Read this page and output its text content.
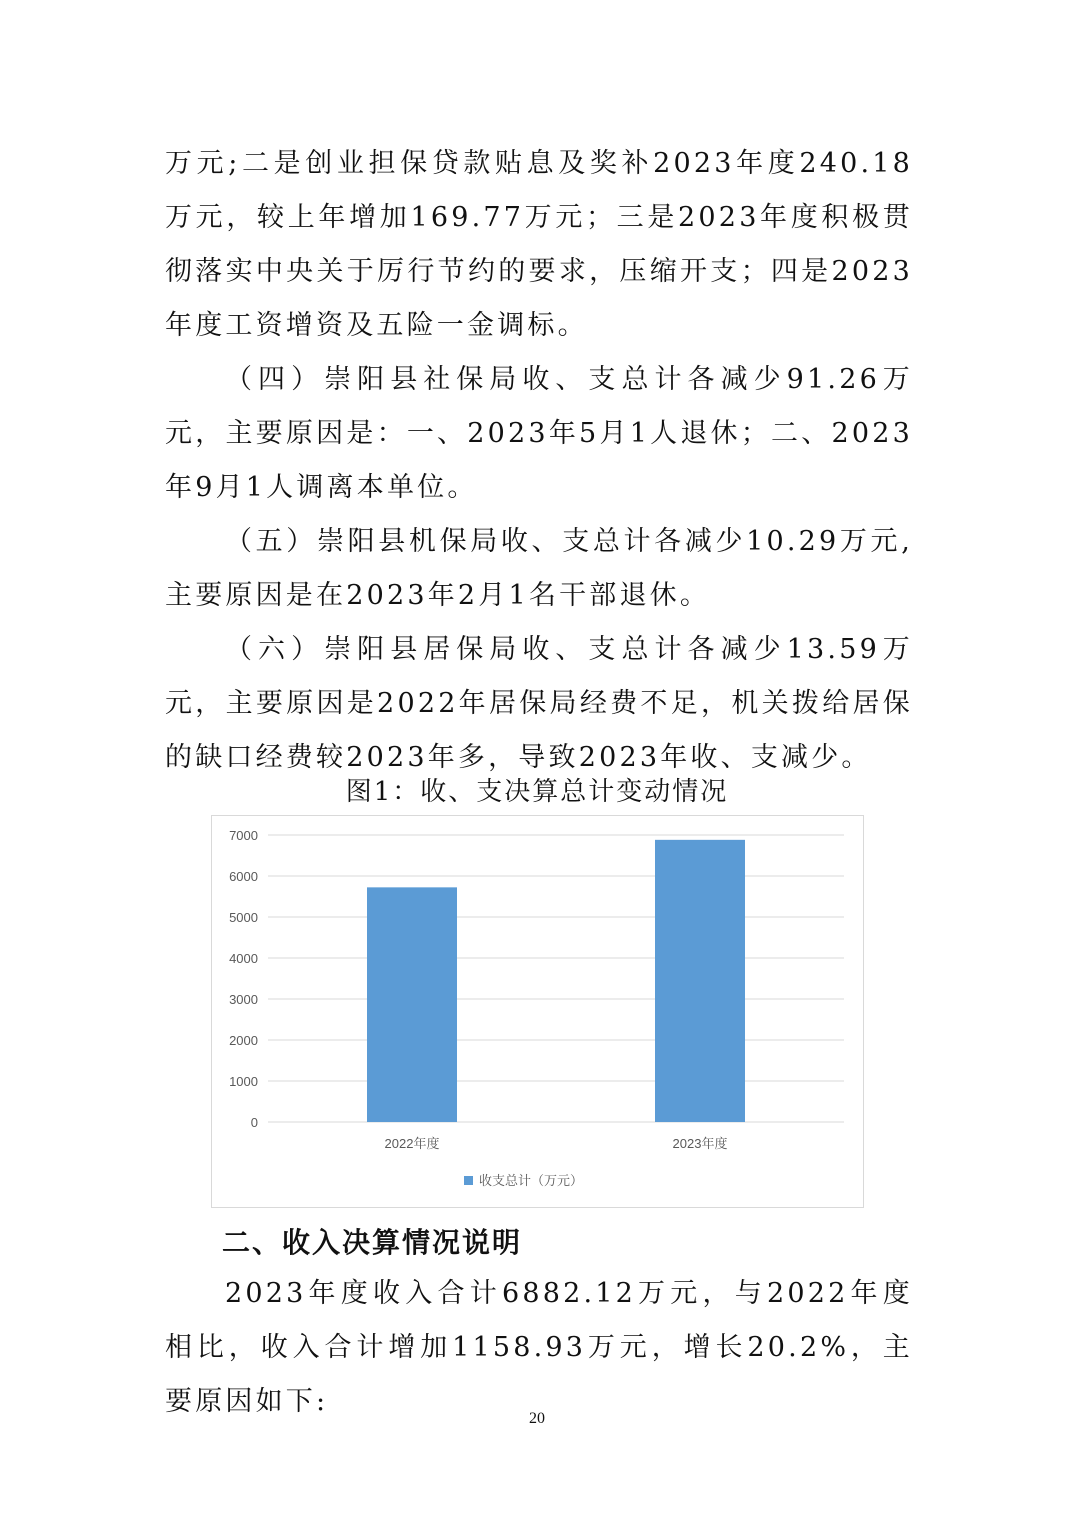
万元;二是创业担保贷款贴息及奖补2023年度240.18万元，较上年增加169.77万元；三是2023年度积极贯彻落实中央关于厉行节约的要求，压缩开支；四是2023年度工资增资及五险一金调标。

（四）崇阳县社保局收、支总计各减少91.26万元，主要原因是：一、2023年5月1人退休；二、2023年9月1人调离本单位。

（五）崇阳县机保局收、支总计各减少10.29万元,主要原因是在2023年2月1名干部退休。

（六）崇阳县居保局收、支总计各减少13.59万元，主要原因是2022年居保局经费不足，机关拨给居保的缺口经费较2023年多，导致2023年收、支减少。

图1：收、支决算总计变动情况
0
1000
2000
3000
4000
5000
6000
7000
2022年度	2023年度
收支总计（万元）
二、收入决算情况说明

2023年度收入合计6882.12万元，与2022年度相比，收入合计增加1158.93万元，增长20.2%，主要原因如下:

20
